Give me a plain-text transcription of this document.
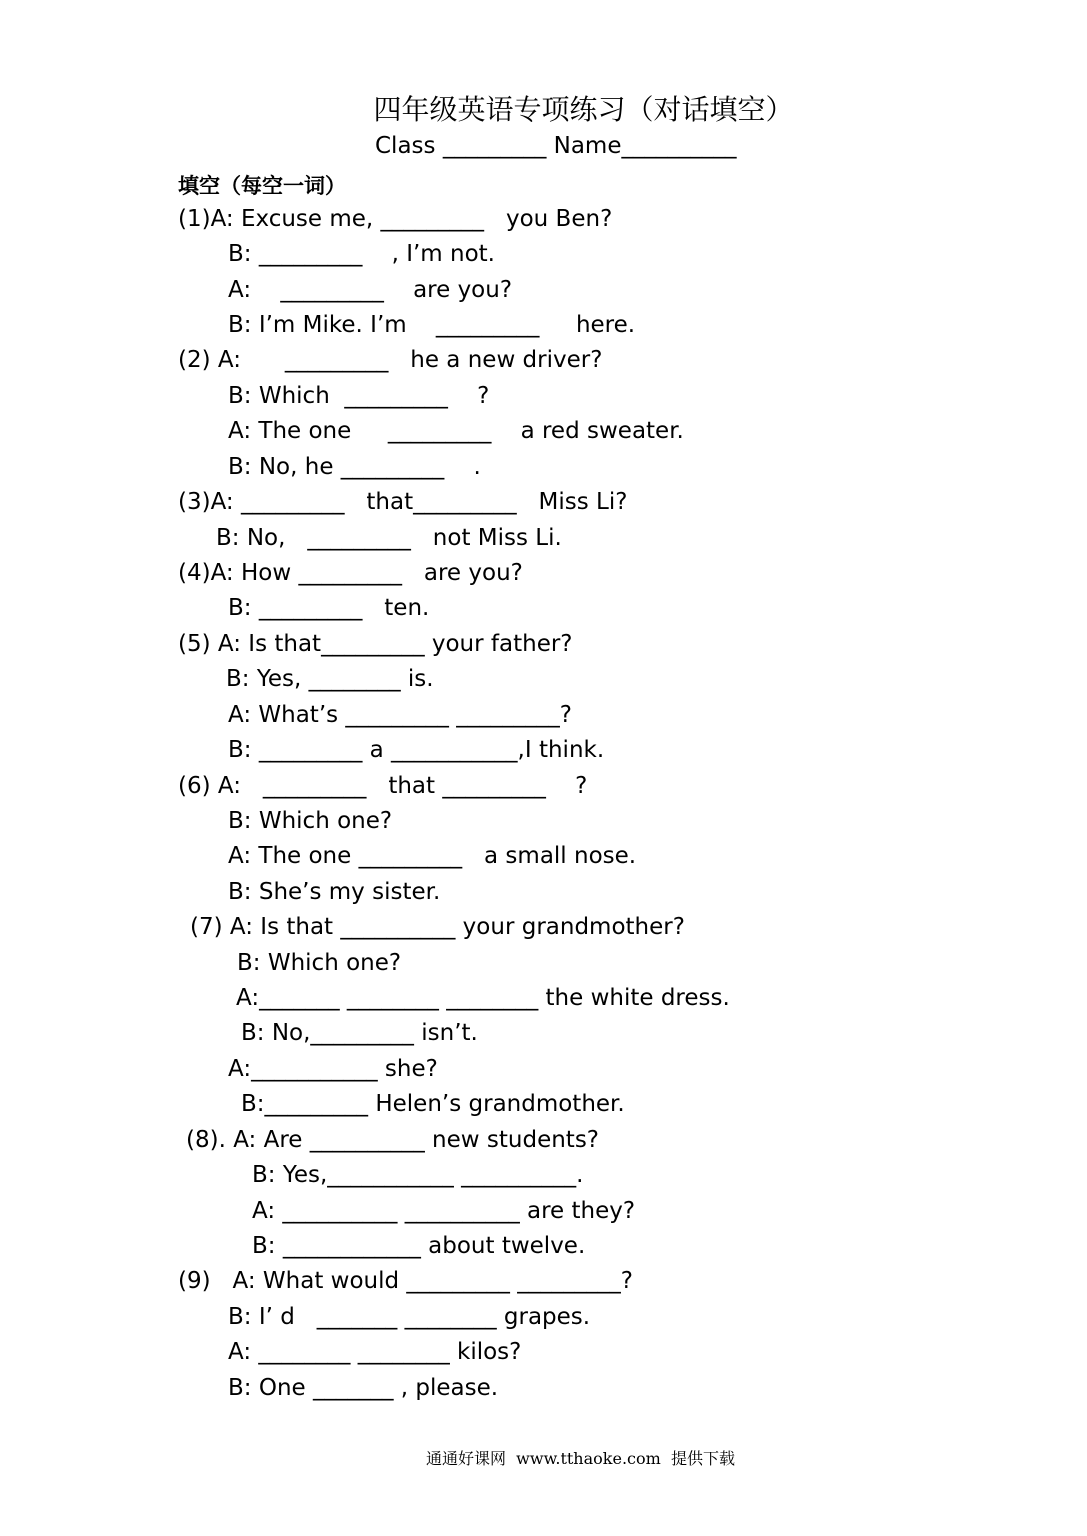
四年级英语专项练习（对话填空）
Class _________ Name__________
填空（每空一词）
(1)A: Excuse me, _________   you Ben?
B: _________    , I’m not.
A:    _________    are you?
B: I’m Mike. I’m    _________     here.
(2) A:      _________   he a new driver?
B: Which  _________    ?
A: The one     _________    a red sweater.
B: No, he _________    .
(3)A: _________   that_________   Miss Li?
B: No,   _________   not Miss Li.
(4)A: How _________   are you?
B: _________   ten.
(5) A: Is that_________ your father?
B: Yes, ________ is.
A: What’s _________ _________?
B: _________ a ___________,I think.
(6) A:   _________   that _________    ?
B: Which one?
A: The one _________   a small nose.
B: She’s my sister.
(7) A: Is that __________ your grandmother?
B: Which one?
A:_______ ________ ________ the white dress.
B: No,_________ isn’t.
A:___________ she?
B:_________ Helen’s grandmother.
(8). A: Are __________ new students?
B: Yes,___________ __________.
A: __________ __________ are they?
B: ____________ about twelve.
(9)   A: What would _________ _________?
B: I’ d   _______ ________ grapes.
A: ________ ________ kilos?
B: One _______ , please.
通通好课网  www.tthaoke.com  提供下载
